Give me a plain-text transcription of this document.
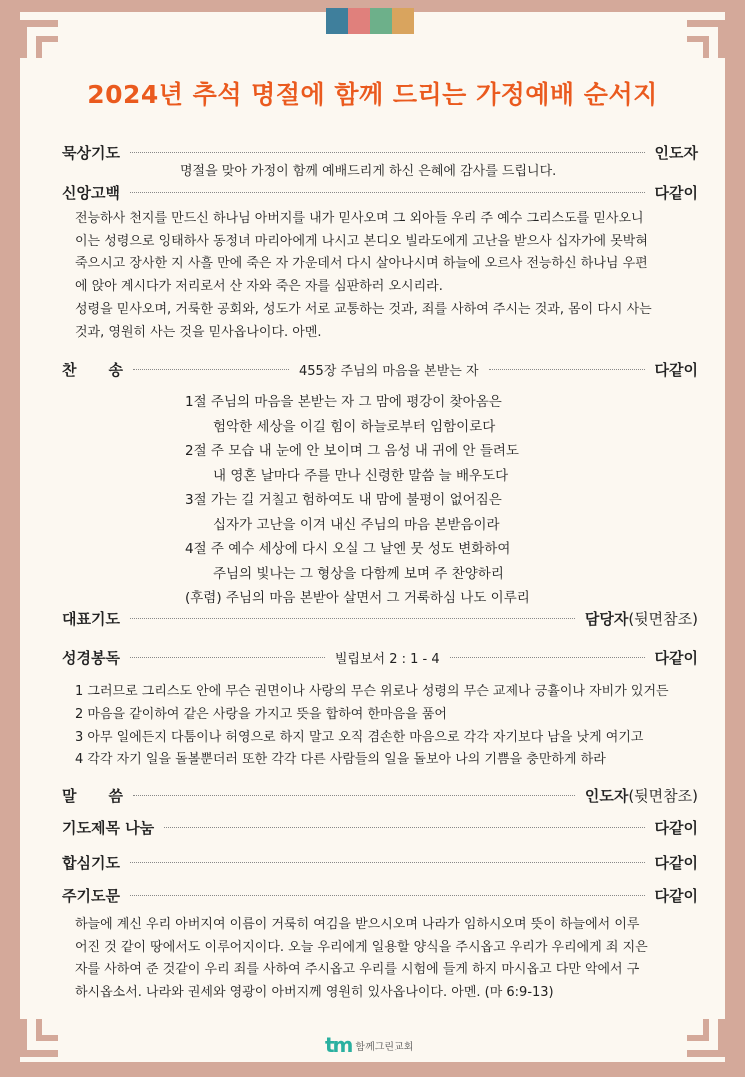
2024년 추석 명절에 함께 드리는 가정예배 순서지
묵상기도	인도자
명절을 맞아 가정이 함께 예배드리게 하신 은혜에 감사를 드립니다.
신앙고백	다같이
전능하사 천지를 만드신 하나님 아버지를 내가 믿사오며 그 외아들 우리 주 예수 그리스도를 믿사오니
이는 성령으로 잉태하사 동정녀 마리아에게 나시고 본디오 빌라도에게 고난을 받으사 십자가에 못박혀
죽으시고 장사한 지 사흘 만에 죽은 자 가운데서 다시 살아나시며 하늘에 오르사 전능하신 하나님 우편
에 앉아 계시다가 저리로서 산 자와 죽은 자를 심판하러 오시리라.
성령을 믿사오며, 거룩한 공회와, 성도가 서로 교통하는 것과, 죄를 사하여 주시는 것과, 몸이 다시 사는
것과, 영원히 사는 것을 믿사옵나이다. 아멘.
찬 송	455장 주님의 마음을 본받는 자	다같이
1절 주님의 마음을 본받는 자 그 맘에 평강이 찾아옴은
험악한 세상을 이길 힘이 하늘로부터 임함이로다
2절 주 모습 내 눈에 안 보이며 그 음성 내 귀에 안 들려도
내 영혼 날마다 주를 만나 신령한 말씀 늘 배우도다
3절 가는 길 거칠고 험하여도 내 맘에 불평이 없어짐은
십자가 고난을 이겨 내신 주님의 마음 본받음이라
4절 주 예수 세상에 다시 오실 그 날엔 뭇 성도 변화하여
주님의 빛나는 그 형상을 다함께 보며 주 찬양하리
(후렴) 주님의 마음 본받아 살면서 그 거룩하심 나도 이루리
대표기도	담당자(뒷면참조)
성경봉독	빌립보서 2 : 1 - 4	다같이
1 그러므로 그리스도 안에 무슨 권면이나 사랑의 무슨 위로나 성령의 무슨 교제나 긍휼이나 자비가 있거든
2 마음을 같이하여 같은 사랑을 가지고 뜻을 합하여 한마음을 품어
3 아무 일에든지 다툼이나 허영으로 하지 말고 오직 겸손한 마음으로 각각 자기보다 남을 낫게 여기고
4 각각 자기 일을 돌볼뿐더러 또한 각각 다른 사람들의 일을 돌보아 나의 기쁨을 충만하게 하라
말 씀	인도자(뒷면참조)
기도제목 나눔	다같이
합심기도	다같이
주기도문	다같이
하늘에 계신 우리 아버지여 이름이 거룩히 여김을 받으시오며 나라가 임하시오며 뜻이 하늘에서 이루
어진 것 같이 땅에서도 이루어지이다. 오늘 우리에게 일용할 양식을 주시옵고 우리가 우리에게 죄 지은
자를 사하여 준 것같이 우리 죄를 사하여 주시옵고 우리를 시험에 들게 하지 마시옵고 다만 악에서 구
하시옵소서. 나라와 권세와 영광이 아버지께 영원히 있사옵나이다. 아멘. (마 6:9-13)
tm 함께그린교회
